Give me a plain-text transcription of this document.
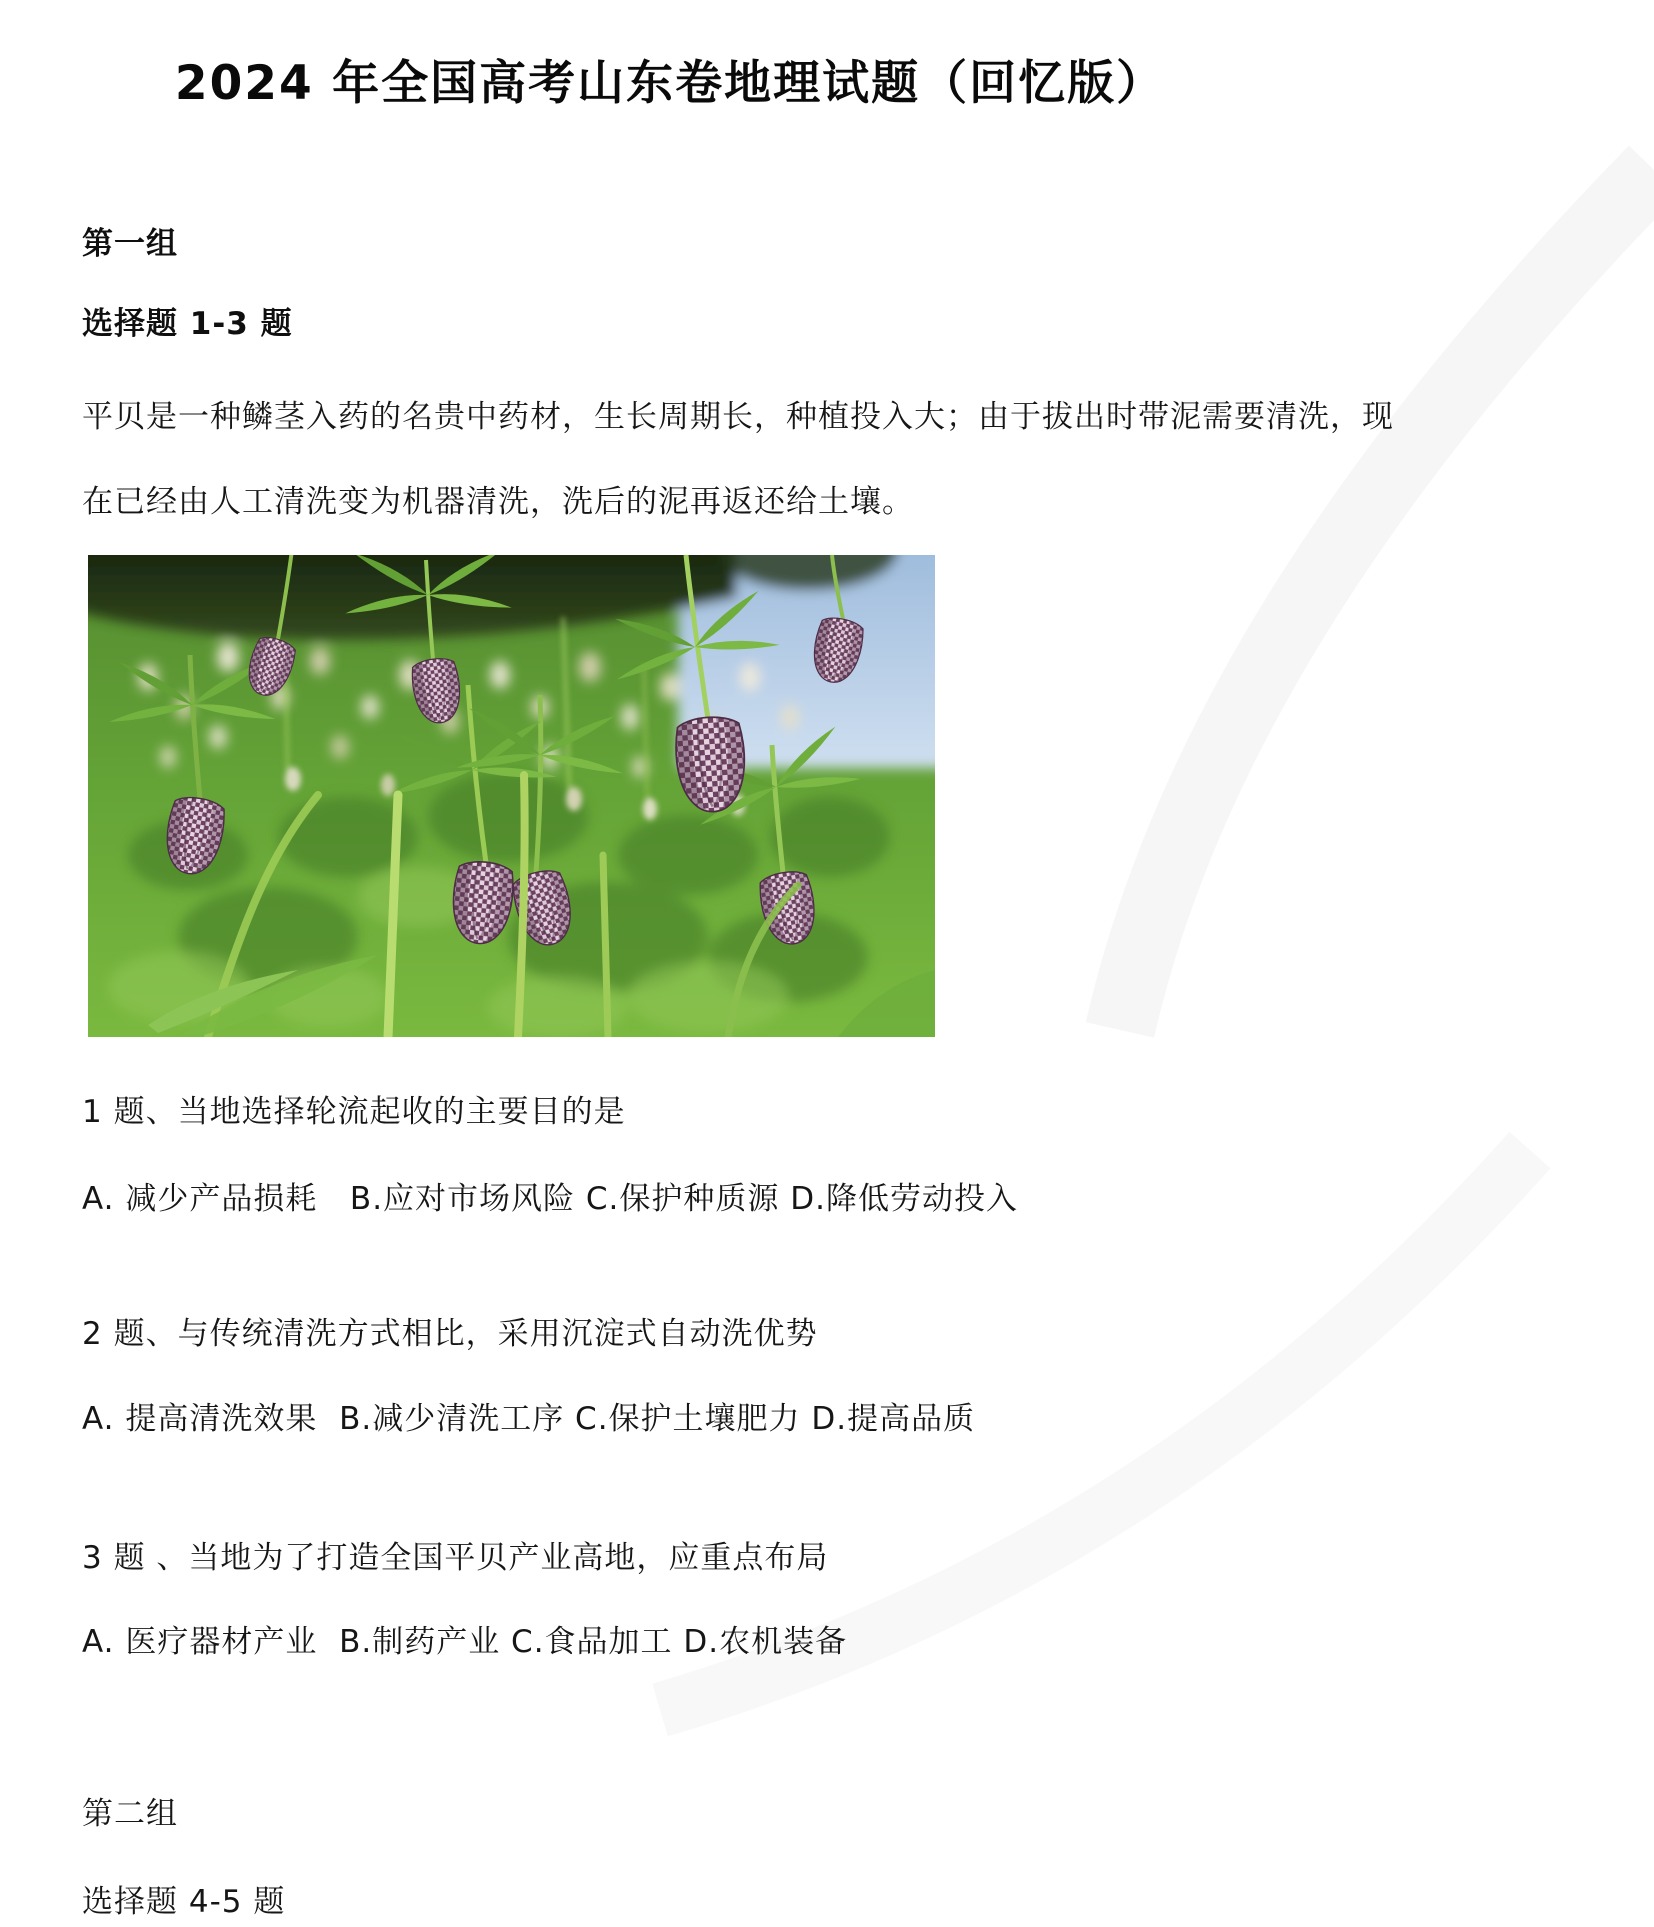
2024 年全国高考山东卷地理试题（回忆版）
第一组
选择题 1-3 题
平贝是一种鳞茎入药的名贵中药材，生长周期长，种植投入大；由于拔出时带泥需要清洗，现
在已经由人工清洗变为机器清洗，洗后的泥再返还给土壤。
1 题、当地选择轮流起收的主要目的是
A. 减少产品损耗   B.应对市场风险 C.保护种质源 D.降低劳动投入
2 题、与传统清洗方式相比，采用沉淀式自动洗优势
A. 提高清洗效果  B.减少清洗工序 C.保护土壤肥力 D.提高品质
3 题 、当地为了打造全国平贝产业高地，应重点布局
A. 医疗器材产业  B.制药产业 C.食品加工 D.农机装备
第二组
选择题 4-5 题
